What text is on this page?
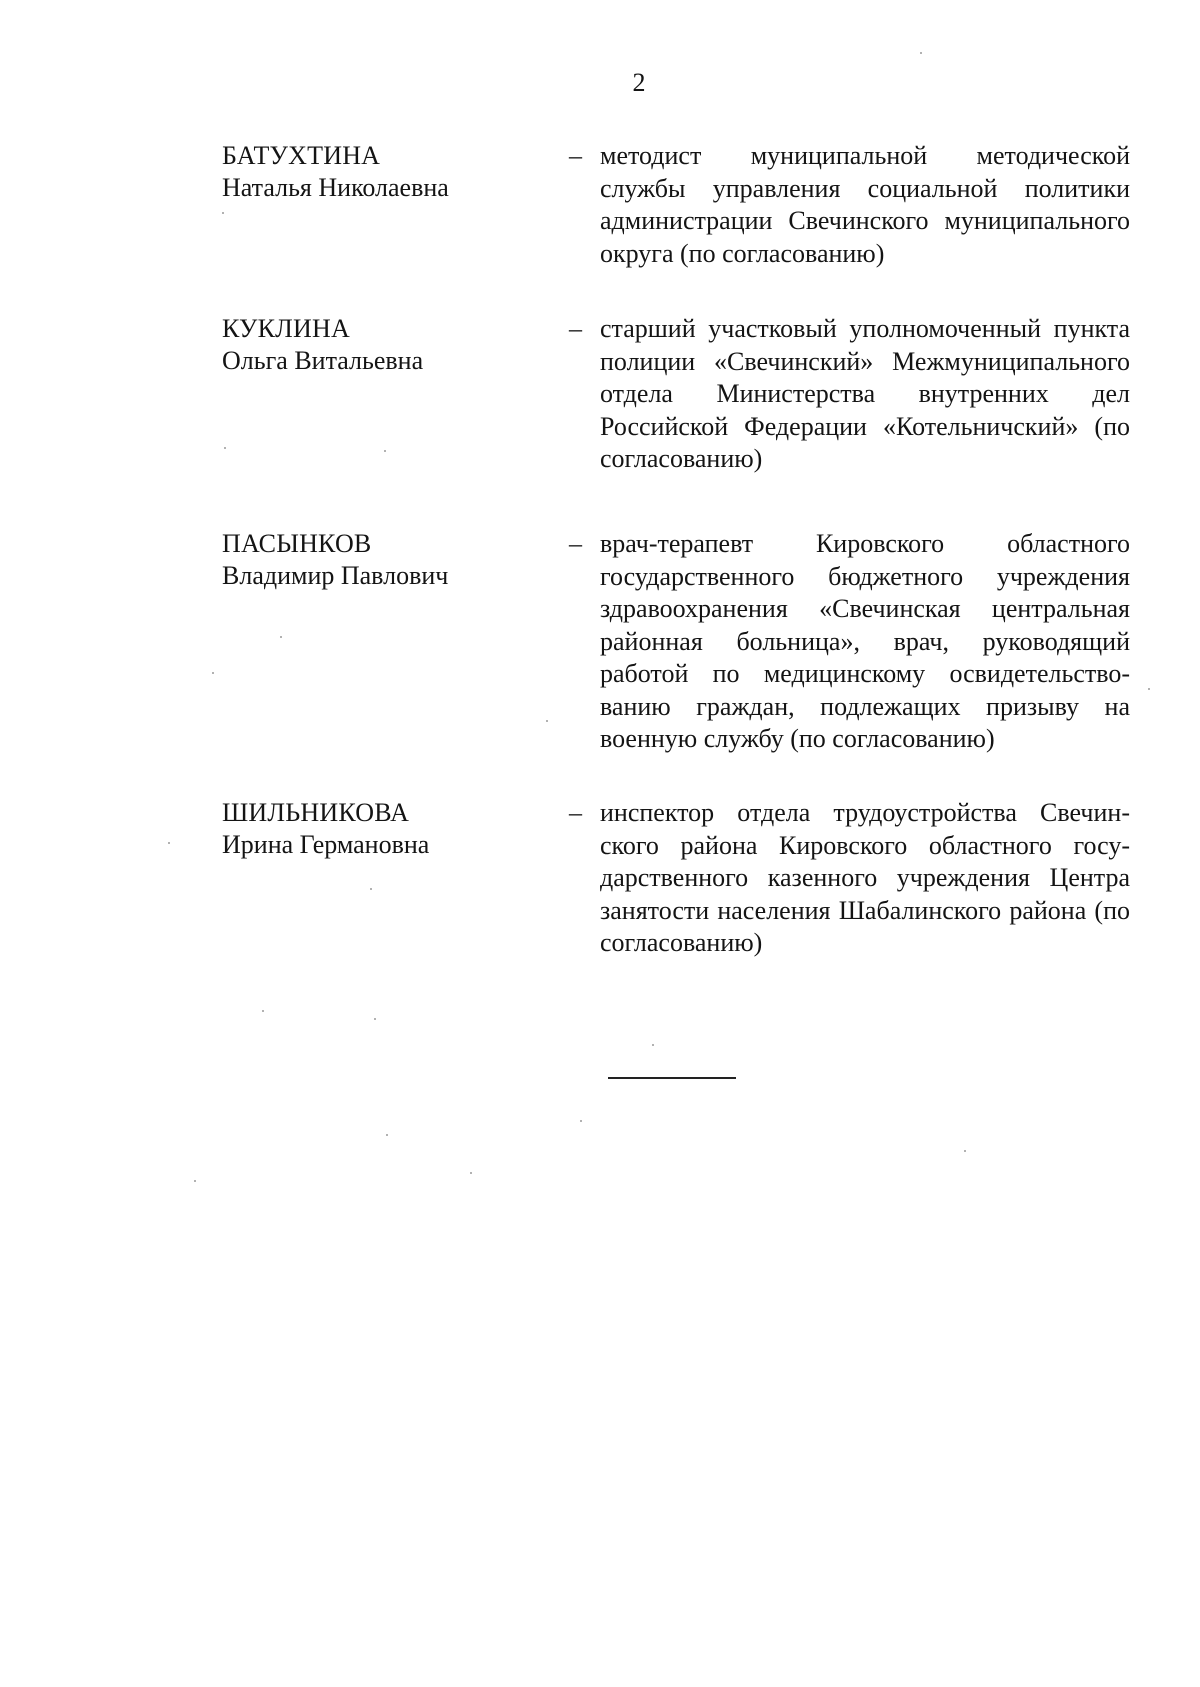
2
БАТУХТИНА
Наталья Николаевна
– методист муниципальной методической службы управления социальной политики администрации Свечинского муниципального округа (по согласованию)
КУКЛИНА
Ольга Витальевна
– старший участковый уполномоченный пункта полиции «Свечинский» Межмуниципального отдела Министерства внутренних дел Российской Федерации «Котельничский» (по согласованию)
ПАСЫНКОВ
Владимир Павлович
– врач-терапевт Кировского областного государственного бюджетного учреждения здравоохранения «Свечинская центральная районная больница», врач, руководящий работой по медицинскому освидетельствованию граждан, подлежащих призыву на военную службу (по согласованию)
ШИЛЬНИКОВА
Ирина Германовна
– инспектор отдела трудоустройства Свечинского района Кировского областного государственного казенного учреждения Центра занятости населения Шабалинского района (по согласованию)
